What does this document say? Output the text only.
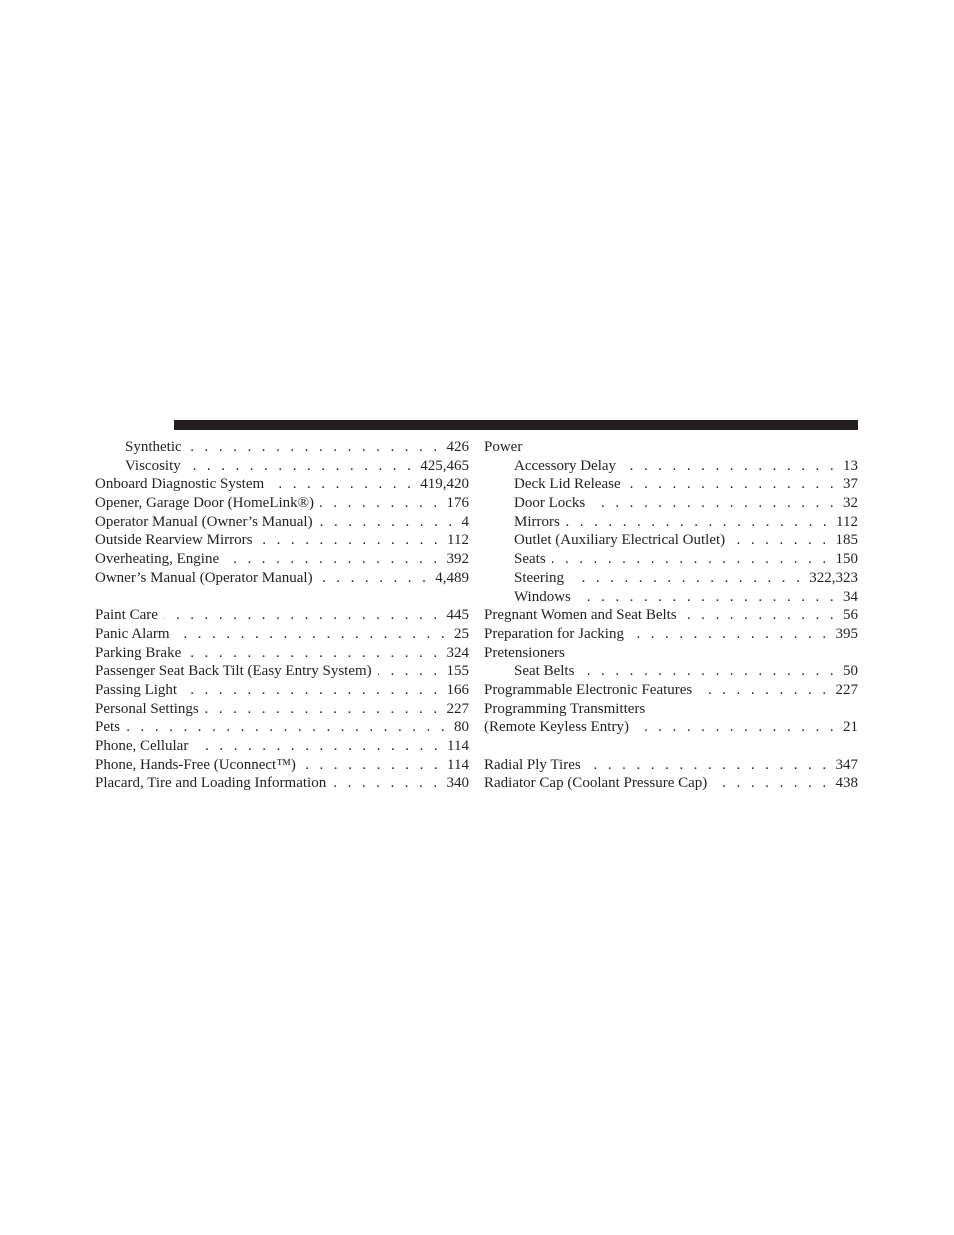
Synthetic . . .	426
Viscosity . . .	425,465
Onboard Diagnostic System . . .	419,420
Opener, Garage Door (HomeLink®) . . .	176
Operator Manual (Owner’s Manual) . . .	4
Outside Rearview Mirrors . . .	112
Overheating, Engine . . .	392
Owner’s Manual (Operator Manual) . . .	4,489
Paint Care . . .	445
Panic Alarm . . .	25
Parking Brake . . .	324
Passenger Seat Back Tilt (Easy Entry System) . . .	155
Passing Light . . .	166
Personal Settings . . .	227
Pets . . .	80
Phone, Cellular . . .	114
Phone, Hands-Free (Uconnect™) . . .	114
Placard, Tire and Loading Information . . .	340
Power
Accessory Delay . . .	13
Deck Lid Release . . .	37
Door Locks . . .	32
Mirrors . . .	112
Outlet (Auxiliary Electrical Outlet) . . .	185
Seats . . .	150
Steering . . .	322,323
Windows . . .	34
Pregnant Women and Seat Belts . . .	56
Preparation for Jacking . . .	395
Pretensioners
Seat Belts . . .	50
Programmable Electronic Features . . .	227
Programming Transmitters
(Remote Keyless Entry) . . .	21
Radial Ply Tires . . .	347
Radiator Cap (Coolant Pressure Cap) . . .	438
